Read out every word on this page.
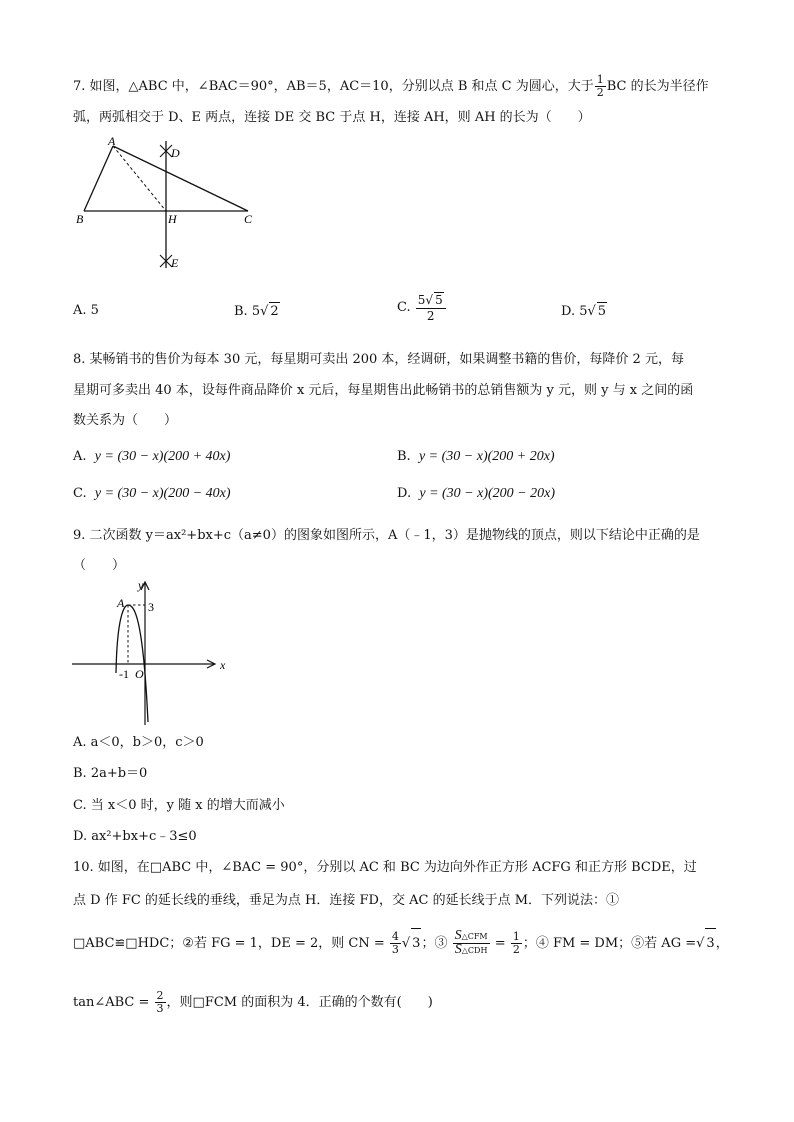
7. 如图，△ABC 中，∠BAC＝90°，AB＝5，AC＝10，分别以点 B 和点 C 为圆心，大于 $\frac{1}{2}$ BC 的长为半径作
弧，两弧相交于 D、E 两点，连接 DE 交 BC 于点 H，连接 AH，则 AH 的长为（　　）
A
B	C
D
E
H
A. 5	B. 5√ 2	C. $\frac{5√ 5}{2}$	D. 5√ 5
8. 某畅销书的售价为每本 30 元，每星期可卖出 200 本，经调研，如果调整书籍的售价，每降价 2 元，每
星期可多卖出 40 本，设每件商品降价 x 元后，每星期售出此畅销书的总销售额为 y 元，则 y 与 x 之间的函
数关系为（　　）
A. y = (30 − x)(200 + 40x)	B. y = (30 − x)(200 + 20x)
C. y = (30 − x)(200 − 40x)	D. y = (30 − x)(200 − 20x)
9. 二次函数 y＝ax²+bx+c（a≠0）的图象如图所示，A（﹣1，3）是抛物线的顶点，则以下结论中正确的是
（　　）
y
x
A 3
-1 O
A. a＜0，b＞0，c＞0
B. 2a+b＝0
C. 当 x＜0 时，y 随 x 的增大而减小
D. ax²+bx+c﹣3≤0
10. 如图，在□ABC 中，∠BAC = 90°，分别以 AC 和 BC 为边向外作正方形 ACFG 和正方形 BCDE，过
点 D 作 FC 的延长线的垂线，垂足为点 H．连接 FD，交 AC 的延长线于点 M．下列说法：①
□ABC≌□HDC；②若 FG = 1，DE = 2，则 CN = $\frac{4}{3}$ √ 3；③ $\frac{\text{S△CFM}}{\text{S△CDH}} = \frac{1}{2}$ ；④ FM = DM；⑤若 AG =√ 3，
tan∠ABC = $\frac{2}{3}$ ，则□FCM 的面积为 4．正确的个数有(　　)
